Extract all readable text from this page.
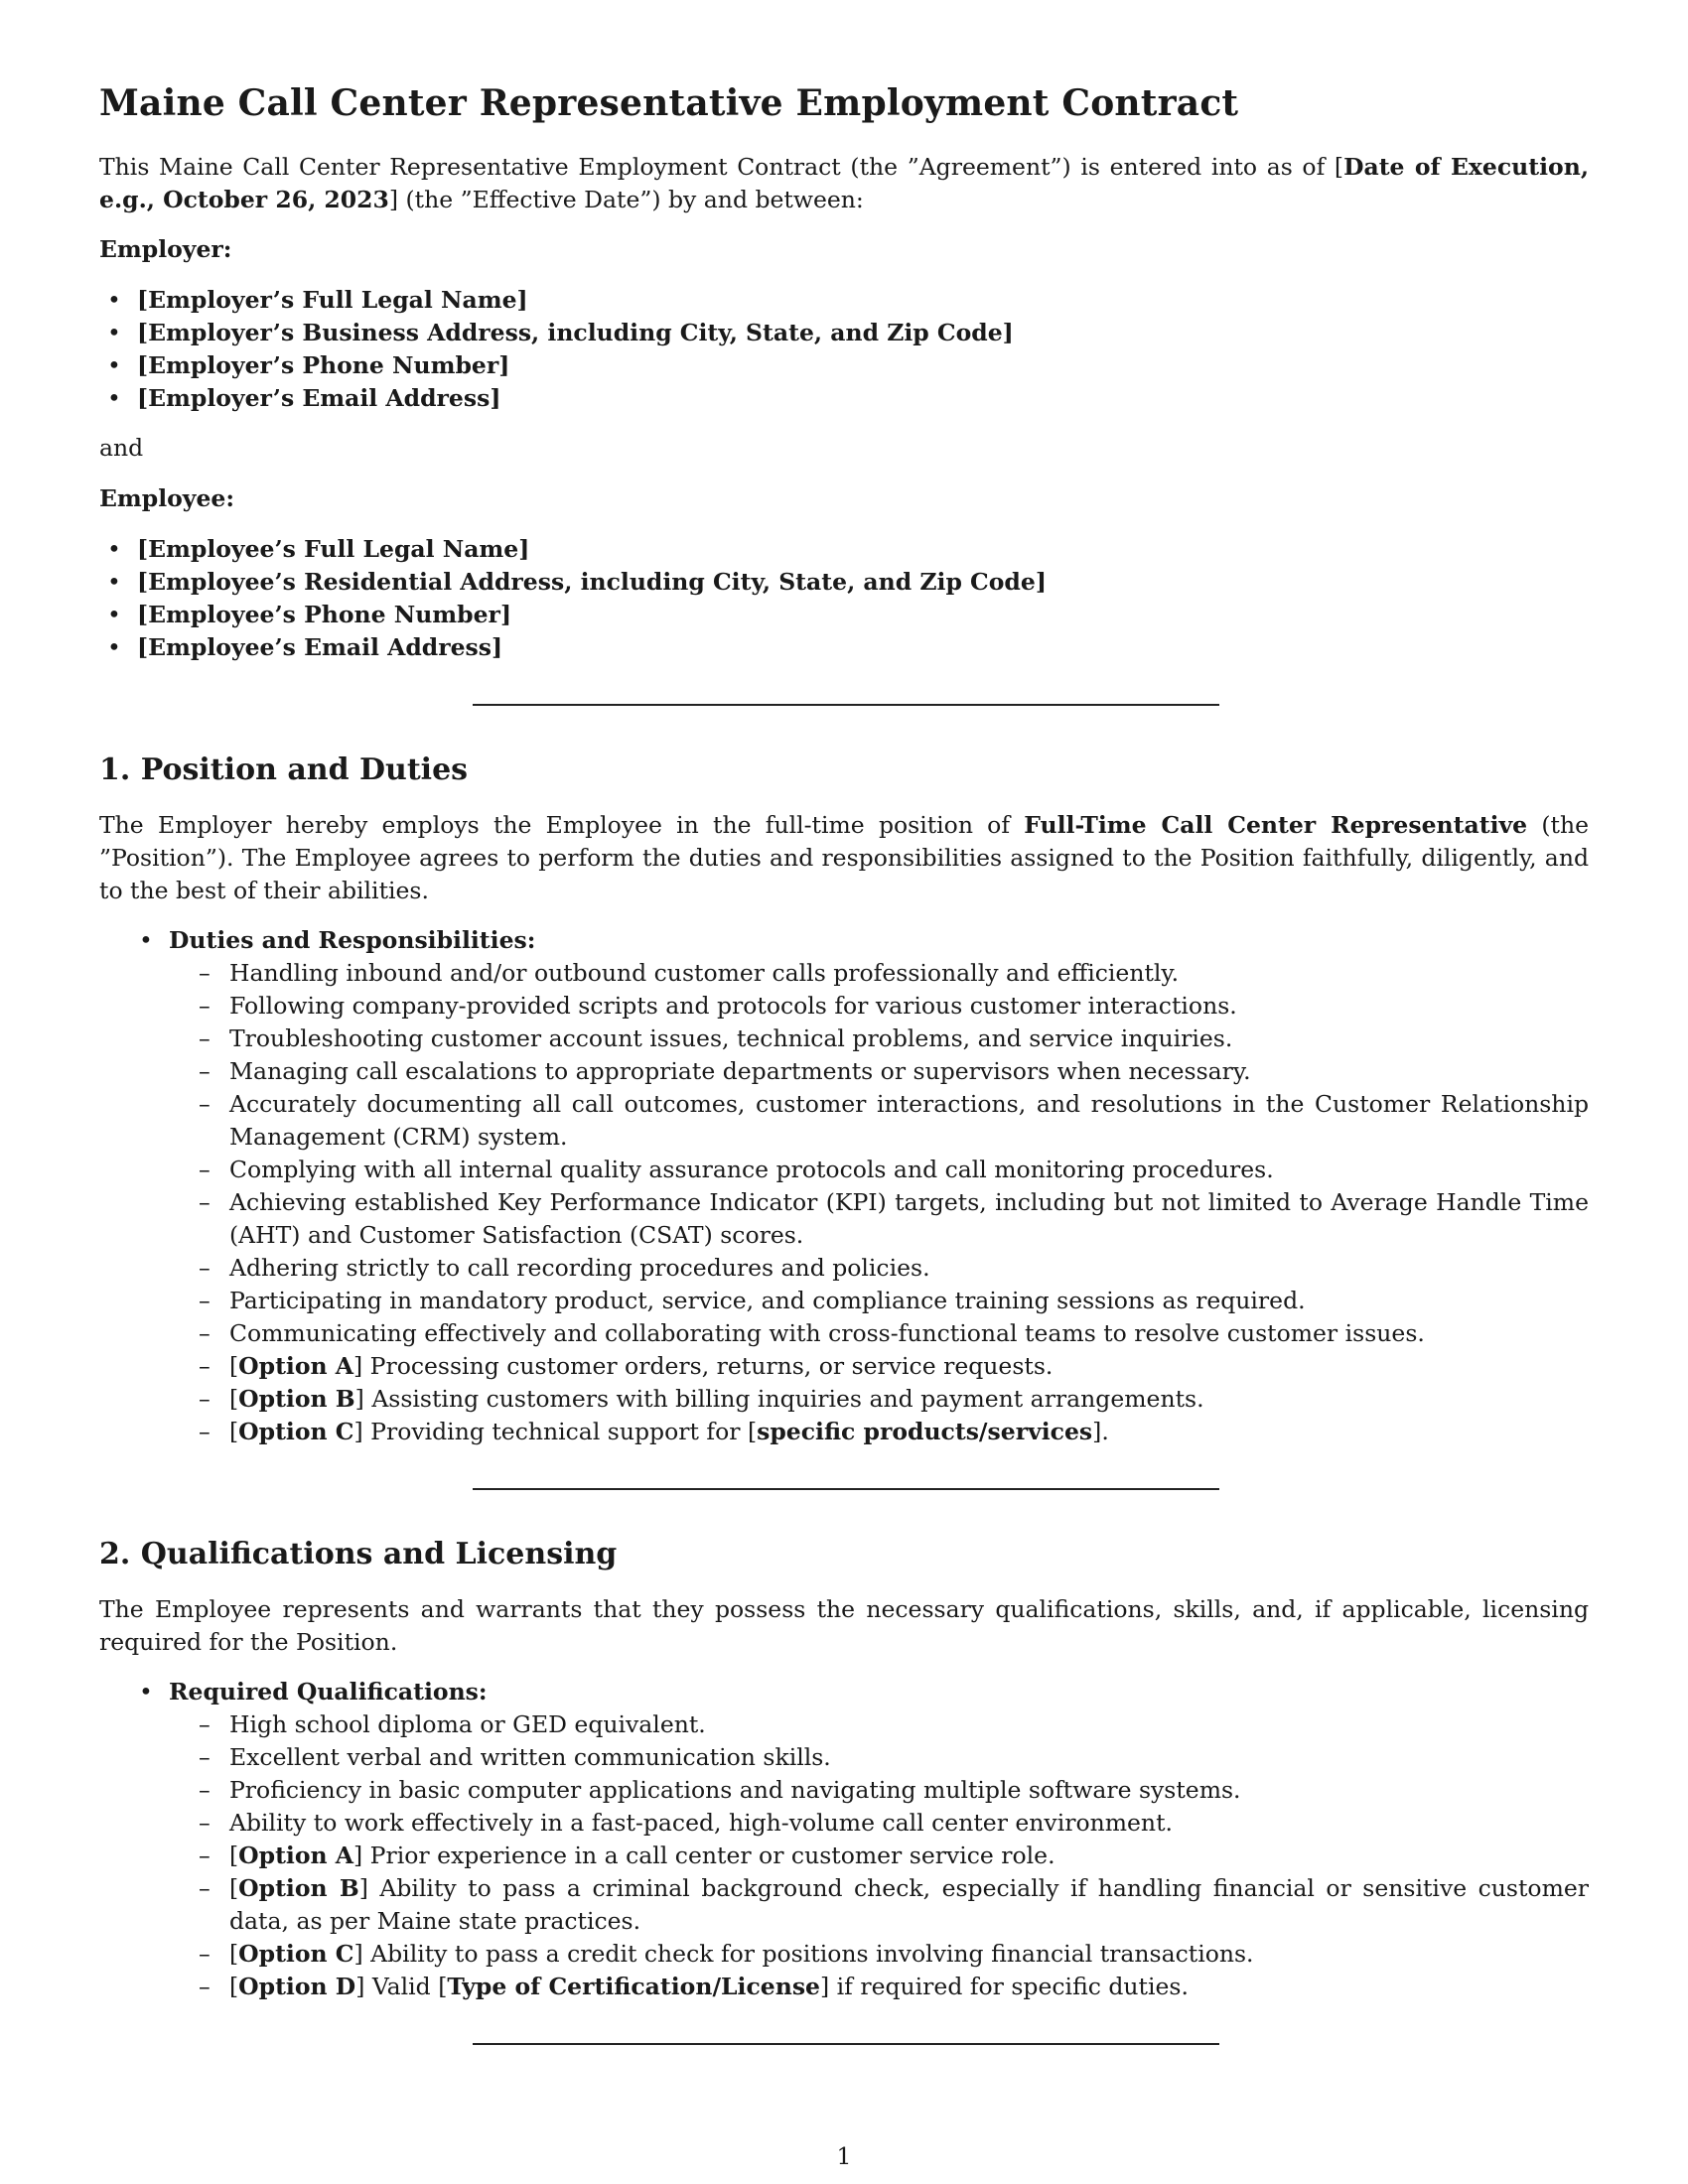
Maine Call Center Representative Employment Contract

This Maine Call Center Representative Employment Contract (the ”Agreement”) is entered into as of [Date of Execution, e.g., October 26, 2023] (the ”Effective Date”) by and between:

Employer:
• [Employer’s Full Legal Name]
• [Employer’s Business Address, including City, State, and Zip Code]
• [Employer’s Phone Number]
• [Employer’s Email Address]
and
Employee:
• [Employee’s Full Legal Name]
• [Employee’s Residential Address, including City, State, and Zip Code]
• [Employee’s Phone Number]
• [Employee’s Email Address]
1. Position and Duties

The Employer hereby employs the Employee in the full-time position of Full-Time Call Center Representative (the ”Position”). The Employee agrees to perform the duties and responsibilities assigned to the Position faithfully, diligently, and to the best of their abilities.

• Duties and Responsibilities:
– Handling inbound and/or outbound customer calls professionally and efficiently.
– Following company-provided scripts and protocols for various customer interactions.
– Troubleshooting customer account issues, technical problems, and service inquiries.
– Managing call escalations to appropriate departments or supervisors when necessary.
– Accurately documenting all call outcomes, customer interactions, and resolutions in the Customer Relationship Management (CRM) system.
– Complying with all internal quality assurance protocols and call monitoring procedures.
– Achieving established Key Performance Indicator (KPI) targets, including but not limited to Average Handle Time (AHT) and Customer Satisfaction (CSAT) scores.
– Adhering strictly to call recording procedures and policies.
– Participating in mandatory product, service, and compliance training sessions as required.
– Communicating effectively and collaborating with cross-functional teams to resolve customer issues.
– [Option A] Processing customer orders, returns, or service requests.
– [Option B] Assisting customers with billing inquiries and payment arrangements.
– [Option C] Providing technical support for [specific products/services].
2. Qualifications and Licensing

The Employee represents and warrants that they possess the necessary qualifications, skills, and, if applicable, licensing required for the Position.

• Required Qualifications:
– High school diploma or GED equivalent.
– Excellent verbal and written communication skills.
– Proficiency in basic computer applications and navigating multiple software systems.
– Ability to work effectively in a fast-paced, high-volume call center environment.
– [Option A] Prior experience in a call center or customer service role.
– [Option B] Ability to pass a criminal background check, especially if handling financial or sensitive customer data, as per Maine state practices.
– [Option C] Ability to pass a credit check for positions involving financial transactions.
– [Option D] Valid [Type of Certification/License] if required for specific duties.
1
